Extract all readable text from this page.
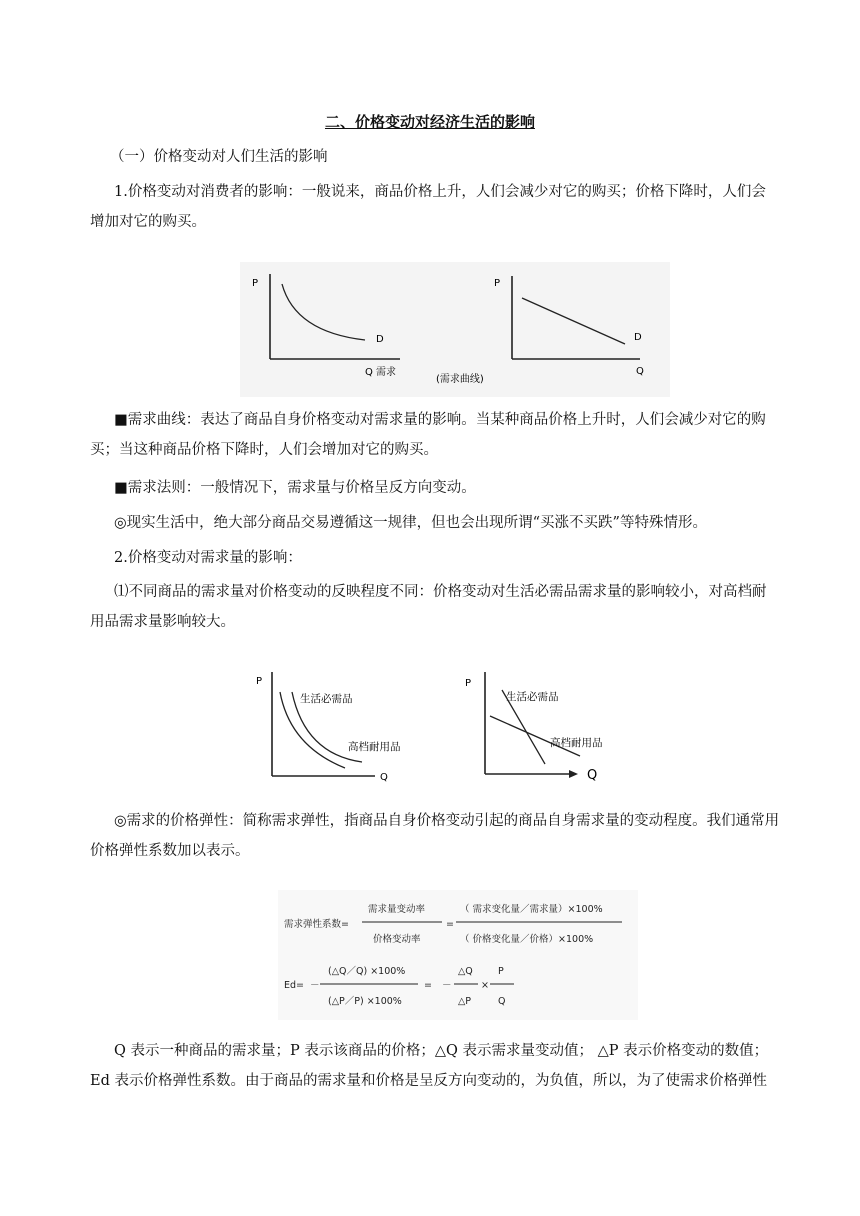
二、价格变动对经济生活的影响
（一）价格变动对人们生活的影响
1.价格变动对消费者的影响：一般说来，商品价格上升，人们会减少对它的购买；价格下降时，人们会增加对它的购买。
P
D
Q 需求
P
D
Q
(需求曲线)
■需求曲线：表达了商品自身价格变动对需求量的影响。当某种商品价格上升时，人们会减少对它的购买；当这种商品价格下降时，人们会增加对它的购买。
■需求法则：一般情况下，需求量与价格呈反方向变动。
◎现实生活中，绝大部分商品交易遵循这一规律，但也会出现所谓“买涨不买跌”等特殊情形。
2.价格变动对需求量的影响：
⑴不同商品的需求量对价格变动的反映程度不同：价格变动对生活必需品需求量的影响较小，对高档耐用品需求量影响较大。
P
Q
生活必需品
高档耐用品
P
Q
生活必需品
高档耐用品
◎需求的价格弹性：简称需求弹性，指商品自身价格变动引起的商品自身需求量的变动程度。我们通常用价格弹性系数加以表示。
需求弹性系数=
需求量变动率
价格变动率
=
（ 需求变化量／需求量）×100%
（ 价格变化量／价格）×100%
Ed= －
(△Q／Q) ×100%
(△P／P) ×100%
= －
△Q
△P
×
P
Q
Q 表示一种商品的需求量；P 表示该商品的价格；△Q 表示需求量变动值； △P 表示价格变动的数值；Ed 表示价格弹性系数。由于商品的需求量和价格是呈反方向变动的，为负值，所以，为了使需求价格弹性
